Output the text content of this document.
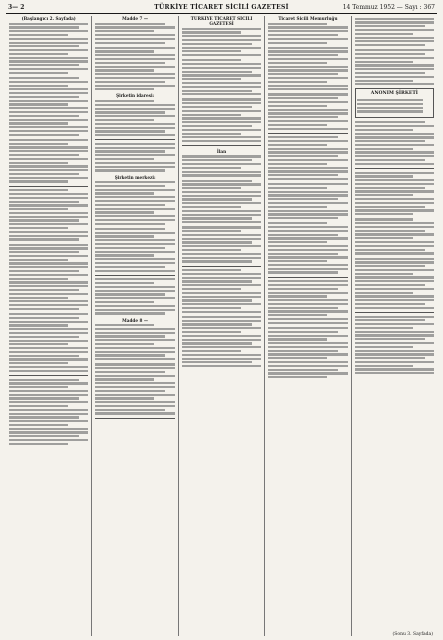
3— 2	TÜRKİYE TİCARET SİCİLİ GAZETESİ	14 Temmuz 1952 — Sayı : 367
(Başlangıcı 2. Sayfada)	Madde 7 —
Şirketin idaresi:
Şirketin merkezi:
Madde 8 —
TÜRKİYE TİCARET SİCİLİ GAZETESİ
İlan
Ticaret Sicili Memurluğu
ANONIM ŞİRKETİ
(Sonu 3. Sayfada)
